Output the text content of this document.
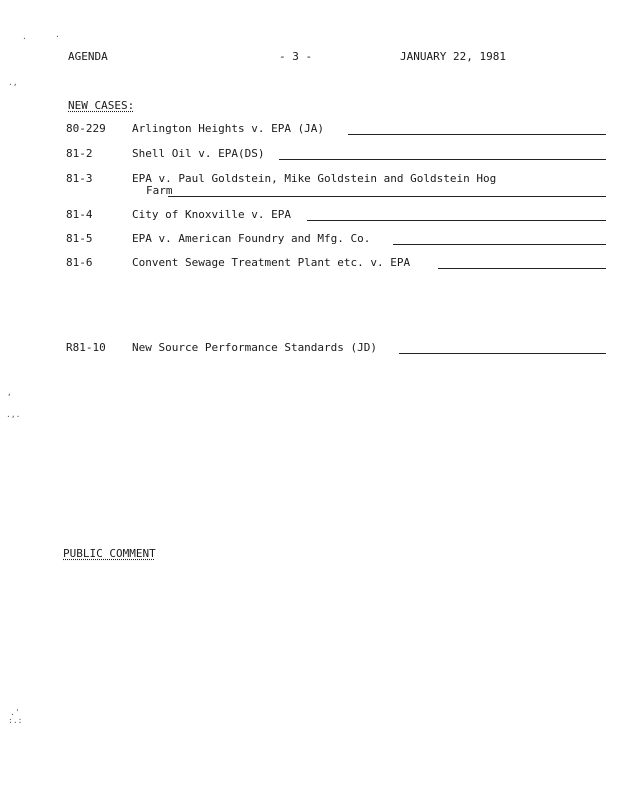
AGENDA	- 3 -	JANUARY 22, 1981
NEW CASES:
80-229 Arlington Heights v. EPA (JA)
81-2	Shell Oil v. EPA(DS)
81-3	EPA v. Paul Goldstein, Mike Goldstein and Goldstein Hog
Farm
81-4	City of Knoxville v. EPA
81-5	EPA v. American Foundry and Mfg. Co.
81-6	Convent Sewage Treatment Plant etc. v. EPA
R81-10 New Source Performance Standards (JD)
PUBLIC COMMENT
.	.
.,
,
.,.
.'
:.:
